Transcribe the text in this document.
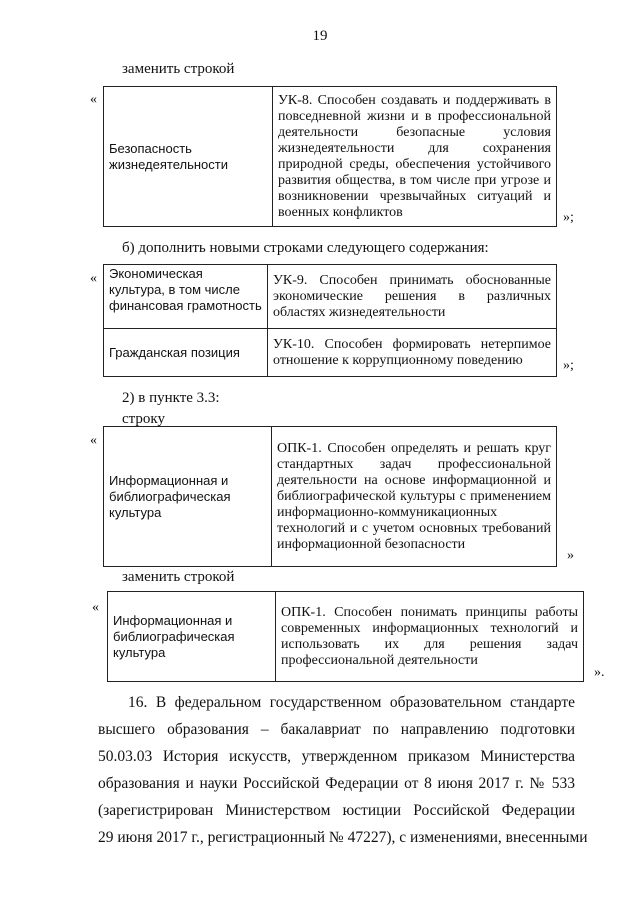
19
заменить строкой
«
Безопасность жизнедеятельности	УК-8. Способен создавать и поддерживать в повседневной жизни и в профессиональной деятельности безопасные условия жизнедеятельности для сохранения природной среды, обеспечения устойчивого развития общества, в том числе при угрозе и возникновении чрезвычайных ситуаций и военных конфликтов	»;
б) дополнить новыми строками следующего содержания:
« Экономическая культура, в том числе финансовая грамотность	УК-9. Способен принимать обоснованные экономические решения в различных областях жизнедеятельности
Гражданская позиция	УК-10. Способен формировать нетерпимое отношение к коррупционному поведению	»;
2) в пункте 3.3:
строку
«
Информационная и библиографическая культура	ОПК-1. Способен определять и решать круг стандартных задач профессиональной деятельности на основе информационной и библиографической культуры с применением информационно-коммуникационных технологий и с учетом основных требований информационной безопасности
»
заменить строкой
«
Информационная и библиографическая культура	ОПК-1. Способен понимать принципы работы современных информационных технологий и использовать их для решения задач профессиональной деятельности
».
16. В федеральном государственном образовательном стандарте
высшего образования – бакалавриат по направлению подготовки
50.03.03 История искусств, утвержденном приказом Министерства
образования и науки Российской Федерации от 8 июня 2017 г. № 533
(зарегистрирован Министерством юстиции Российской Федерации
29 июня 2017 г., регистрационный № 47227), с изменениями, внесенными
